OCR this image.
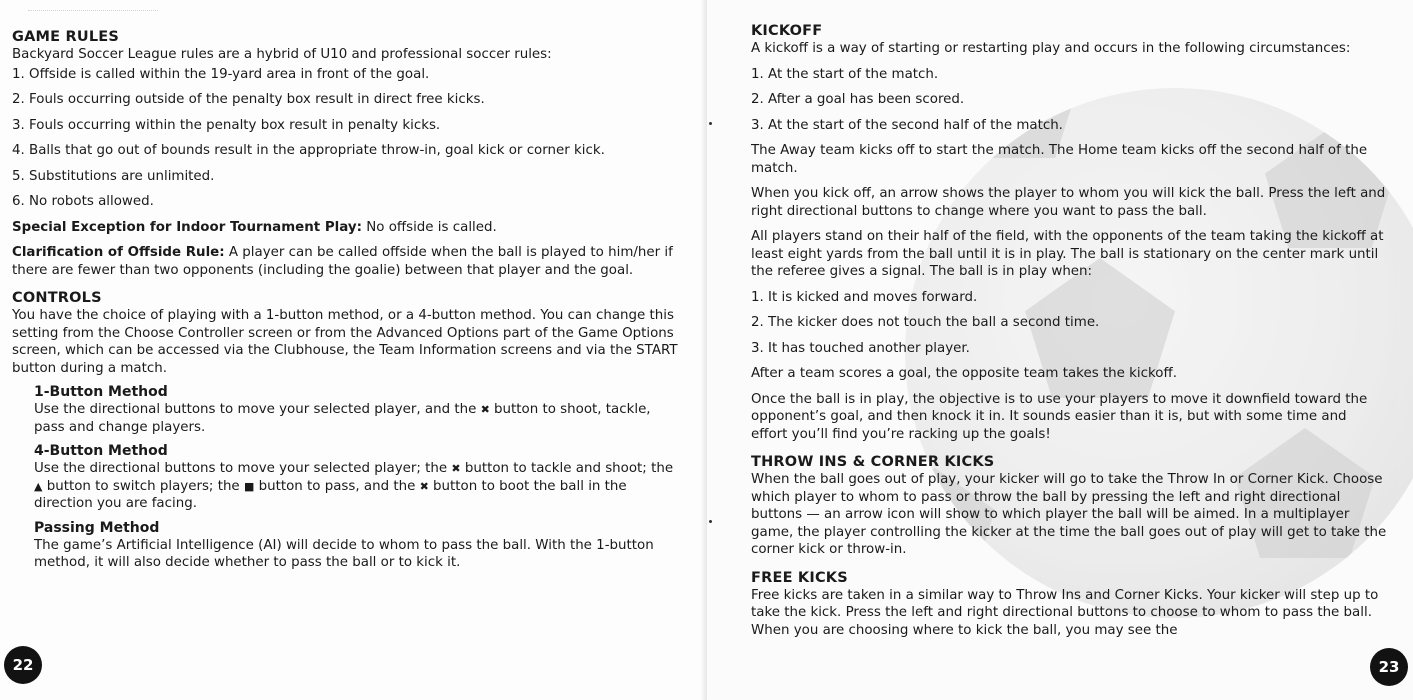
GAME RULES

Backyard Soccer League rules are a hybrid of U10 and professional soccer rules:

1. Offside is called within the 19-yard area in front of the goal.

2. Fouls occurring outside of the penalty box result in direct free kicks.

3. Fouls occurring within the penalty box result in penalty kicks.

4. Balls that go out of bounds result in the appropriate throw-in, goal kick or corner kick.

5. Substitutions are unlimited.

6. No robots allowed.

Special Exception for Indoor Tournament Play: No offside is called.

Clarification of Offside Rule: A player can be called offside when the ball is played to him/her if there are fewer than two opponents (including the goalie) between that player and the goal.

CONTROLS

You have the choice of playing with a 1-button method, or a 4-button method. You can change this setting from the Choose Controller screen or from the Advanced Options part of the Game Options screen, which can be accessed via the Clubhouse, the Team Information screens and via the START button during a match.

1-Button Method

Use the directional buttons to move your selected player, and the ✖ button to shoot, tackle, pass and change players.

4-Button Method

Use the directional buttons to move your selected player; the ✖ button to tackle and shoot; the ▲ button to switch players; the ■ button to pass, and the ✖ button to boot the ball in the direction you are facing.

Passing Method

The game’s Artificial Intelligence (AI) will decide to whom to pass the ball. With the 1-button method, it will also decide whether to pass the ball or to kick it.

22
KICKOFF

A kickoff is a way of starting or restarting play and occurs in the following circumstances:

1. At the start of the match.

2. After a goal has been scored.

3. At the start of the second half of the match.

The Away team kicks off to start the match. The Home team kicks off the second half of the match.

When you kick off, an arrow shows the player to whom you will kick the ball. Press the left and right directional buttons to change where you want to pass the ball.

All players stand on their half of the field, with the opponents of the team taking the kickoff at least eight yards from the ball until it is in play. The ball is stationary on the center mark until the referee gives a signal. The ball is in play when:

1. It is kicked and moves forward.

2. The kicker does not touch the ball a second time.

3. It has touched another player.

After a team scores a goal, the opposite team takes the kickoff.

Once the ball is in play, the objective is to use your players to move it downfield toward the opponent’s goal, and then knock it in. It sounds easier than it is, but with some time and effort you’ll find you’re racking up the goals!

THROW INS & CORNER KICKS

When the ball goes out of play, your kicker will go to take the Throw In or Corner Kick. Choose which player to whom to pass or throw the ball by pressing the left and right directional buttons — an arrow icon will show to which player the ball will be aimed. In a multiplayer game, the player controlling the kicker at the time the ball goes out of play will get to take the corner kick or throw-in.

FREE KICKS

Free kicks are taken in a similar way to Throw Ins and Corner Kicks. Your kicker will step up to take the kick. Press the left and right directional buttons to choose to whom to pass the ball. When you are choosing where to kick the ball, you may see the

23
